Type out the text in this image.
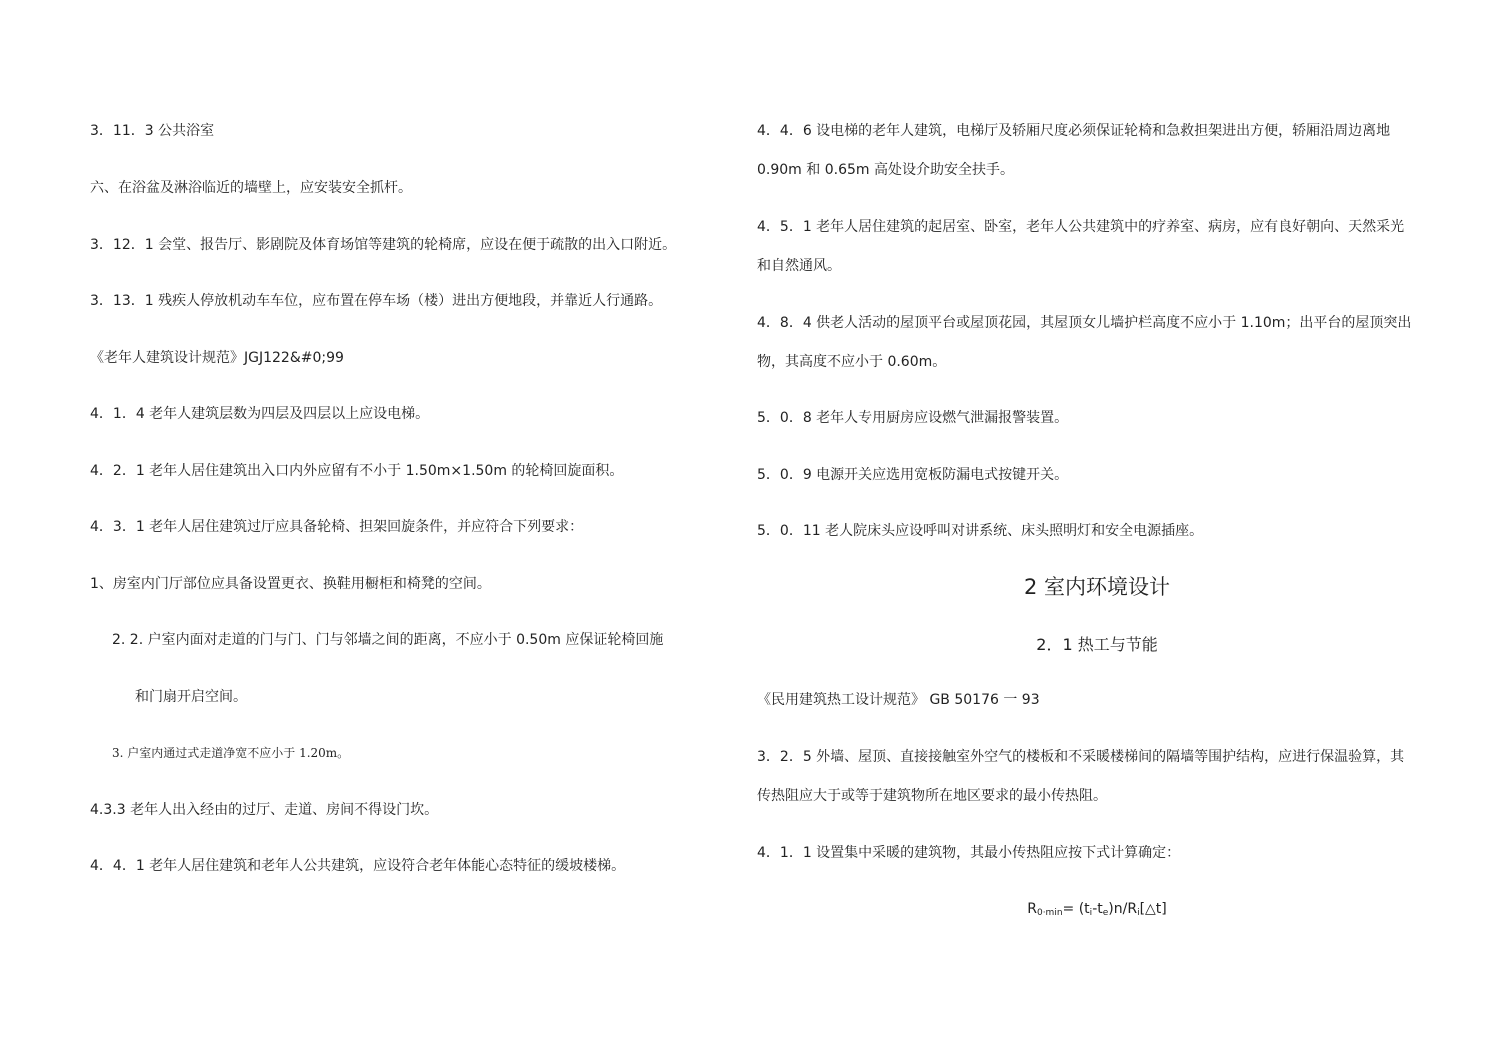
3．11．3 公共浴室
六、在浴盆及淋浴临近的墙壁上，应安装安全抓杆。
3．12．1 会堂、报告厅、影剧院及体育场馆等建筑的轮椅席，应设在便于疏散的出入口附近。
3．13．1 残疾人停放机动车车位，应布置在停车场（楼）进出方便地段，并靠近人行通路。
《老年人建筑设计规范》JGJ122&#0;99
4．1．4 老年人建筑层数为四层及四层以上应设电梯。
4．2．1 老年人居住建筑出入口内外应留有不小于 1.50m×1.50m 的轮椅回旋面积。
4．3．1 老年人居住建筑过厅应具备轮椅、担架回旋条件，并应符合下列要求：
1、房室内门厅部位应具备设置更衣、换鞋用橱柜和椅凳的空间。
2. 2. 户室内面对走道的门与门、门与邻墙之间的距离，不应小于 0.50m 应保证轮椅回施
和门扇开启空间。
3. 户室内通过式走道净宽不应小于 1.20m。
4.3.3 老年人出入经由的过厅、走道、房间不得设门坎。
4．4．1 老年人居住建筑和老年人公共建筑，应设符合老年体能心态特征的缓坡楼梯。
4．4．6 设电梯的老年人建筑，电梯厅及轿厢尺度必须保证轮椅和急救担架进出方便，轿厢沿周边离地 0.90m 和 0.65m 高处设介助安全扶手。
4．5．1 老年人居住建筑的起居室、卧室，老年人公共建筑中的疗养室、病房，应有良好朝向、天然采光和自然通风。
4．8．4 供老人活动的屋顶平台或屋顶花园，其屋顶女儿墙护栏高度不应小于 1.10m；出平台的屋顶突出物，其高度不应小于 0.60m。
5．0．8 老年人专用厨房应设燃气泄漏报警装置。
5．0．9 电源开关应选用宽板防漏电式按键开关。
5．0．11 老人院床头应设呼叫对讲系统、床头照明灯和安全电源插座。
2 室内环境设计
2．1 热工与节能
《民用建筑热工设计规范》 GB 50176 一 93
3．2．5 外墙、屋顶、直接接触室外空气的楼板和不采暖楼梯间的隔墙等围护结构，应进行保温验算，其传热阻应大于或等于建筑物所在地区要求的最小传热阻。
4．1．1 设置集中采暖的建筑物，其最小传热阻应按下式计算确定：
$R_{0\cdot min}=$ $(t_i-t_e)n/R_i[\triangle t]$
